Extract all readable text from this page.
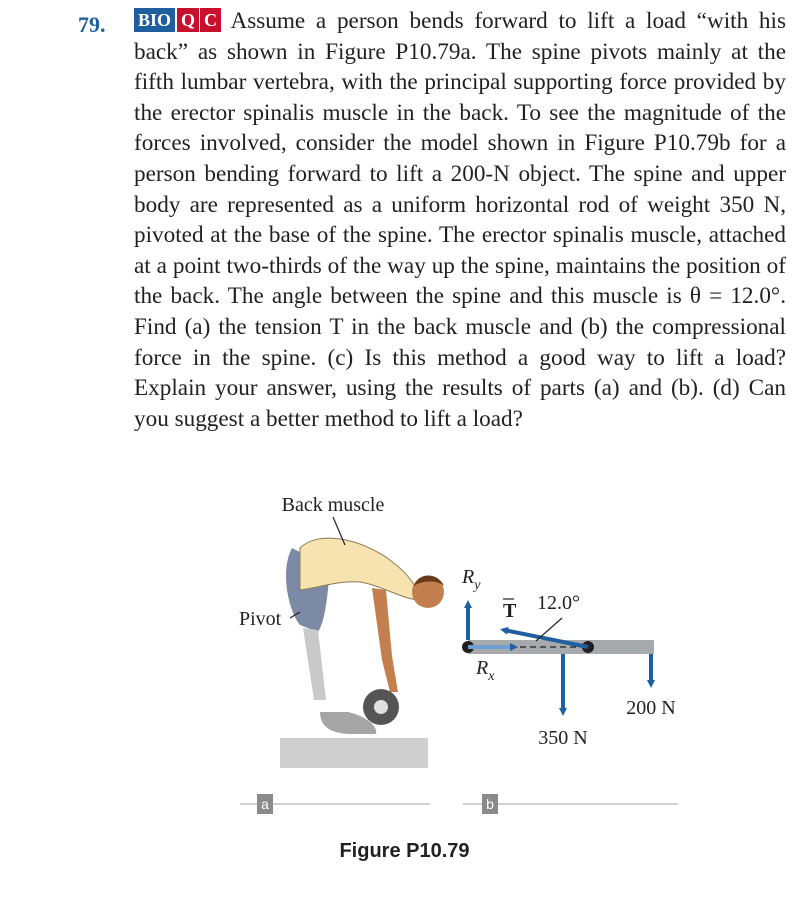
79. BIO Q C Assume a person bends forward to lift a load “with his back” as shown in Figure P10.79a. The spine pivots mainly at the fifth lumbar vertebra, with the principal supporting force provided by the erector spinalis muscle in the back. To see the magnitude of the forces involved, consider the model shown in Figure P10.79b for a person bending forward to lift a 200-N object. The spine and upper body are represented as a uniform horizontal rod of weight 350 N, pivoted at the base of the spine. The erector spinalis muscle, attached at a point two-thirds of the way up the spine, maintains the position of the back. The angle between the spine and this muscle is θ = 12.0°. Find (a) the tension T in the back muscle and (b) the compressional force in the spine. (c) Is this method a good way to lift a load? Explain your answer, using the results of parts (a) and (b). (d) Can you suggest a better method to lift a load?
Back muscle
Pivot
$R_y$
$R_x$
T 12.0°
350 N
200 N
a	b
Figure P10.79
